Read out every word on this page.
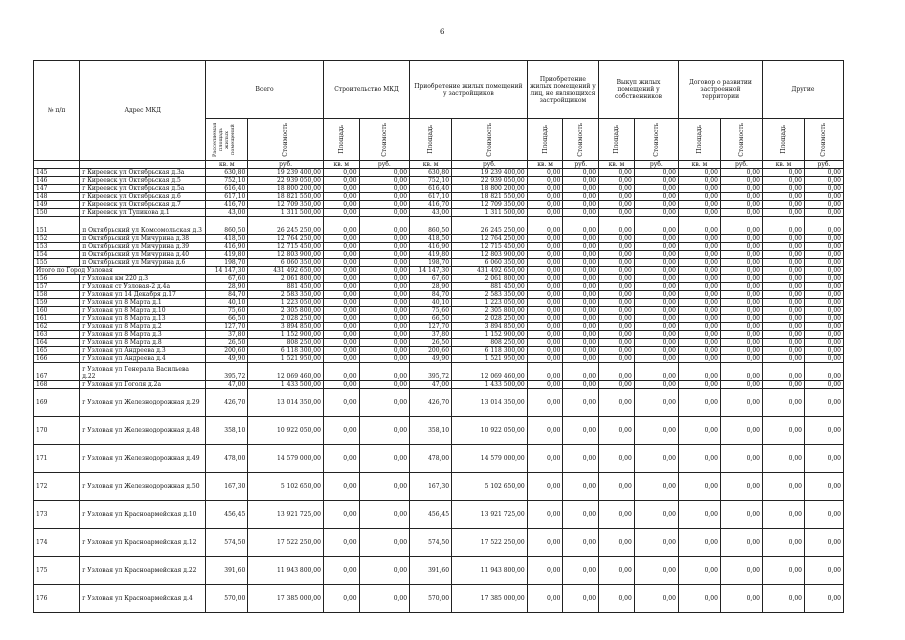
6
№ п/п	Адрес МКД	Всего		Строительство МКД		Приобретение жилых помещений у застройщиков		Приобретение жилых помещений у лиц, не являющихся застройщиком		Выкуп жилых помещений у собственников		Договор о развитии застроенной территории		Другие	

		Расселяемая площадь жилых помещений	Стоимость	Площадь	Стоимость	Площадь	Стоимость	Площадь	Стоимость	Площадь	Стоимость	Площадь	Стоимость	Площадь	Стоимость

		кв. м	руб.	кв. м	руб.	кв. м	руб.	кв. м	руб.	кв. м	руб.	кв. м	руб.	кв. м	руб.
145	г Киреевск ул Октябрьская д.3а	630,80	19 239 400,00	0,00	0,00	630,80	19 239 400,00	0,00	0,00	0,00	0,00	0,00	0,00	0,00	0,00
146	г Киреевск ул Октябрьская д.5	752,10	22 939 050,00	0,00	0,00	752,10	22 939 050,00	0,00	0,00	0,00	0,00	0,00	0,00	0,00	0,00
147	г Киреевск ул Октябрьская д.5а	616,40	18 800 200,00	0,00	0,00	616,40	18 800 200,00	0,00	0,00	0,00	0,00	0,00	0,00	0,00	0,00
148	г Киреевск ул Октябрьская д.6	617,10	18 821 550,00	0,00	0,00	617,10	18 821 550,00	0,00	0,00	0,00	0,00	0,00	0,00	0,00	0,00
149	г Киреевск ул Октябрьская д.7	416,70	12 709 350,00	0,00	0,00	416,70	12 709 350,00	0,00	0,00	0,00	0,00	0,00	0,00	0,00	0,00
150	г Киреевск ул Тупикова д.1	43,00	1 311 500,00	0,00	0,00	43,00	1 311 500,00	0,00	0,00	0,00	0,00	0,00	0,00	0,00	0,00
151	п Октябрьский ул Комсомольская д.3	860,50	26 245 250,00	0,00	0,00	860,50	26 245 250,00	0,00	0,00	0,00	0,00	0,00	0,00	0,00	0,00
152	п Октябрьский ул Мичурина д.38	418,50	12 764 250,00	0,00	0,00	418,50	12 764 250,00	0,00	0,00	0,00	0,00	0,00	0,00	0,00	0,00
153	п Октябрьский ул Мичурина д.39	416,90	12 715 450,00	0,00	0,00	416,90	12 715 450,00	0,00	0,00	0,00	0,00	0,00	0,00	0,00	0,00
154	п Октябрьский ул Мичурина д.40	419,80	12 803 900,00	0,00	0,00	419,80	12 803 900,00	0,00	0,00	0,00	0,00	0,00	0,00	0,00	0,00
155	п Октябрьский ул Мичурина д.6	198,70	6 060 350,00	0,00	0,00	198,70	6 060 350,00	0,00	0,00	0,00	0,00	0,00	0,00	0,00	0,00
Итого по Город Узловая		14 147,30	431 492 650,00	0,00	0,00	14 147,30	431 492 650,00	0,00	0,00	0,00	0,00	0,00	0,00	0,00	0,00
156	г Узловая км 220 д.3	67,60	2 061 800,00	0,00	0,00	67,60	2 061 800,00	0,00	0,00	0,00	0,00	0,00	0,00	0,00	0,00
157	г Узловая ст Узловая-2 д.4а	28,90	881 450,00	0,00	0,00	28,90	881 450,00	0,00	0,00	0,00	0,00	0,00	0,00	0,00	0,00
158	г Узловая ул 14 Декабря д.17	84,70	2 583 350,00	0,00	0,00	84,70	2 583 350,00	0,00	0,00	0,00	0,00	0,00	0,00	0,00	0,00
159	г Узловая ул 8 Марта д.1	40,10	1 223 050,00	0,00	0,00	40,10	1 223 050,00	0,00	0,00	0,00	0,00	0,00	0,00	0,00	0,00
160	г Узловая ул 8 Марта д.10	75,60	2 305 800,00	0,00	0,00	75,60	2 305 800,00	0,00	0,00	0,00	0,00	0,00	0,00	0,00	0,00
161	г Узловая ул 8 Марта д.13	66,50	2 028 250,00	0,00	0,00	66,50	2 028 250,00	0,00	0,00	0,00	0,00	0,00	0,00	0,00	0,00
162	г Узловая ул 8 Марта д.2	127,70	3 894 850,00	0,00	0,00	127,70	3 894 850,00	0,00	0,00	0,00	0,00	0,00	0,00	0,00	0,00
163	г Узловая ул 8 Марта д.3	37,80	1 152 900,00	0,00	0,00	37,80	1 152 900,00	0,00	0,00	0,00	0,00	0,00	0,00	0,00	0,00
164	г Узловая ул 8 Марта д.8	26,50	808 250,00	0,00	0,00	26,50	808 250,00	0,00	0,00	0,00	0,00	0,00	0,00	0,00	0,00
165	г Узловая ул Андреева д.3	200,60	6 118 300,00	0,00	0,00	200,60	6 118 300,00	0,00	0,00	0,00	0,00	0,00	0,00	0,00	0,00
166	г Узловая ул Андреева д.4	49,90	1 521 950,00	0,00	0,00	49,90	1 521 950,00	0,00	0,00	0,00	0,00	0,00	0,00	0,00	0,00
167	г Узловая ул Генерала Васильева д.22	395,72	12 069 460,00	0,00	0,00	395,72	12 069 460,00	0,00	0,00	0,00	0,00	0,00	0,00	0,00	0,00
168	г Узловая ул Гоголя д.2а	47,00	1 433 500,00	0,00	0,00	47,00	1 433 500,00	0,00	0,00	0,00	0,00	0,00	0,00	0,00	0,00
169	г Узловая ул Железнодорожная д.29	426,70	13 014 350,00	0,00	0,00	426,70	13 014 350,00	0,00	0,00	0,00	0,00	0,00	0,00	0,00	0,00
170	г Узловая ул Железнодорожная д.48	358,10	10 922 050,00	0,00	0,00	358,10	10 922 050,00	0,00	0,00	0,00	0,00	0,00	0,00	0,00	0,00
171	г Узловая ул Железнодорожная д.49	478,00	14 579 000,00	0,00	0,00	478,00	14 579 000,00	0,00	0,00	0,00	0,00	0,00	0,00	0,00	0,00
172	г Узловая ул Железнодорожная д.50	167,30	5 102 650,00	0,00	0,00	167,30	5 102 650,00	0,00	0,00	0,00	0,00	0,00	0,00	0,00	0,00
173	г Узловая ул Красноармейская д.10	456,45	13 921 725,00	0,00	0,00	456,45	13 921 725,00	0,00	0,00	0,00	0,00	0,00	0,00	0,00	0,00
174	г Узловая ул Красноармейская д.12	574,50	17 522 250,00	0,00	0,00	574,50	17 522 250,00	0,00	0,00	0,00	0,00	0,00	0,00	0,00	0,00
175	г Узловая ул Красноармейская д.22	391,60	11 943 800,00	0,00	0,00	391,60	11 943 800,00	0,00	0,00	0,00	0,00	0,00	0,00	0,00	0,00
176	г Узловая ул Красноармейская д.4	570,00	17 385 000,00	0,00	0,00	570,00	17 385 000,00	0,00	0,00	0,00	0,00	0,00	0,00	0,00	0,00
